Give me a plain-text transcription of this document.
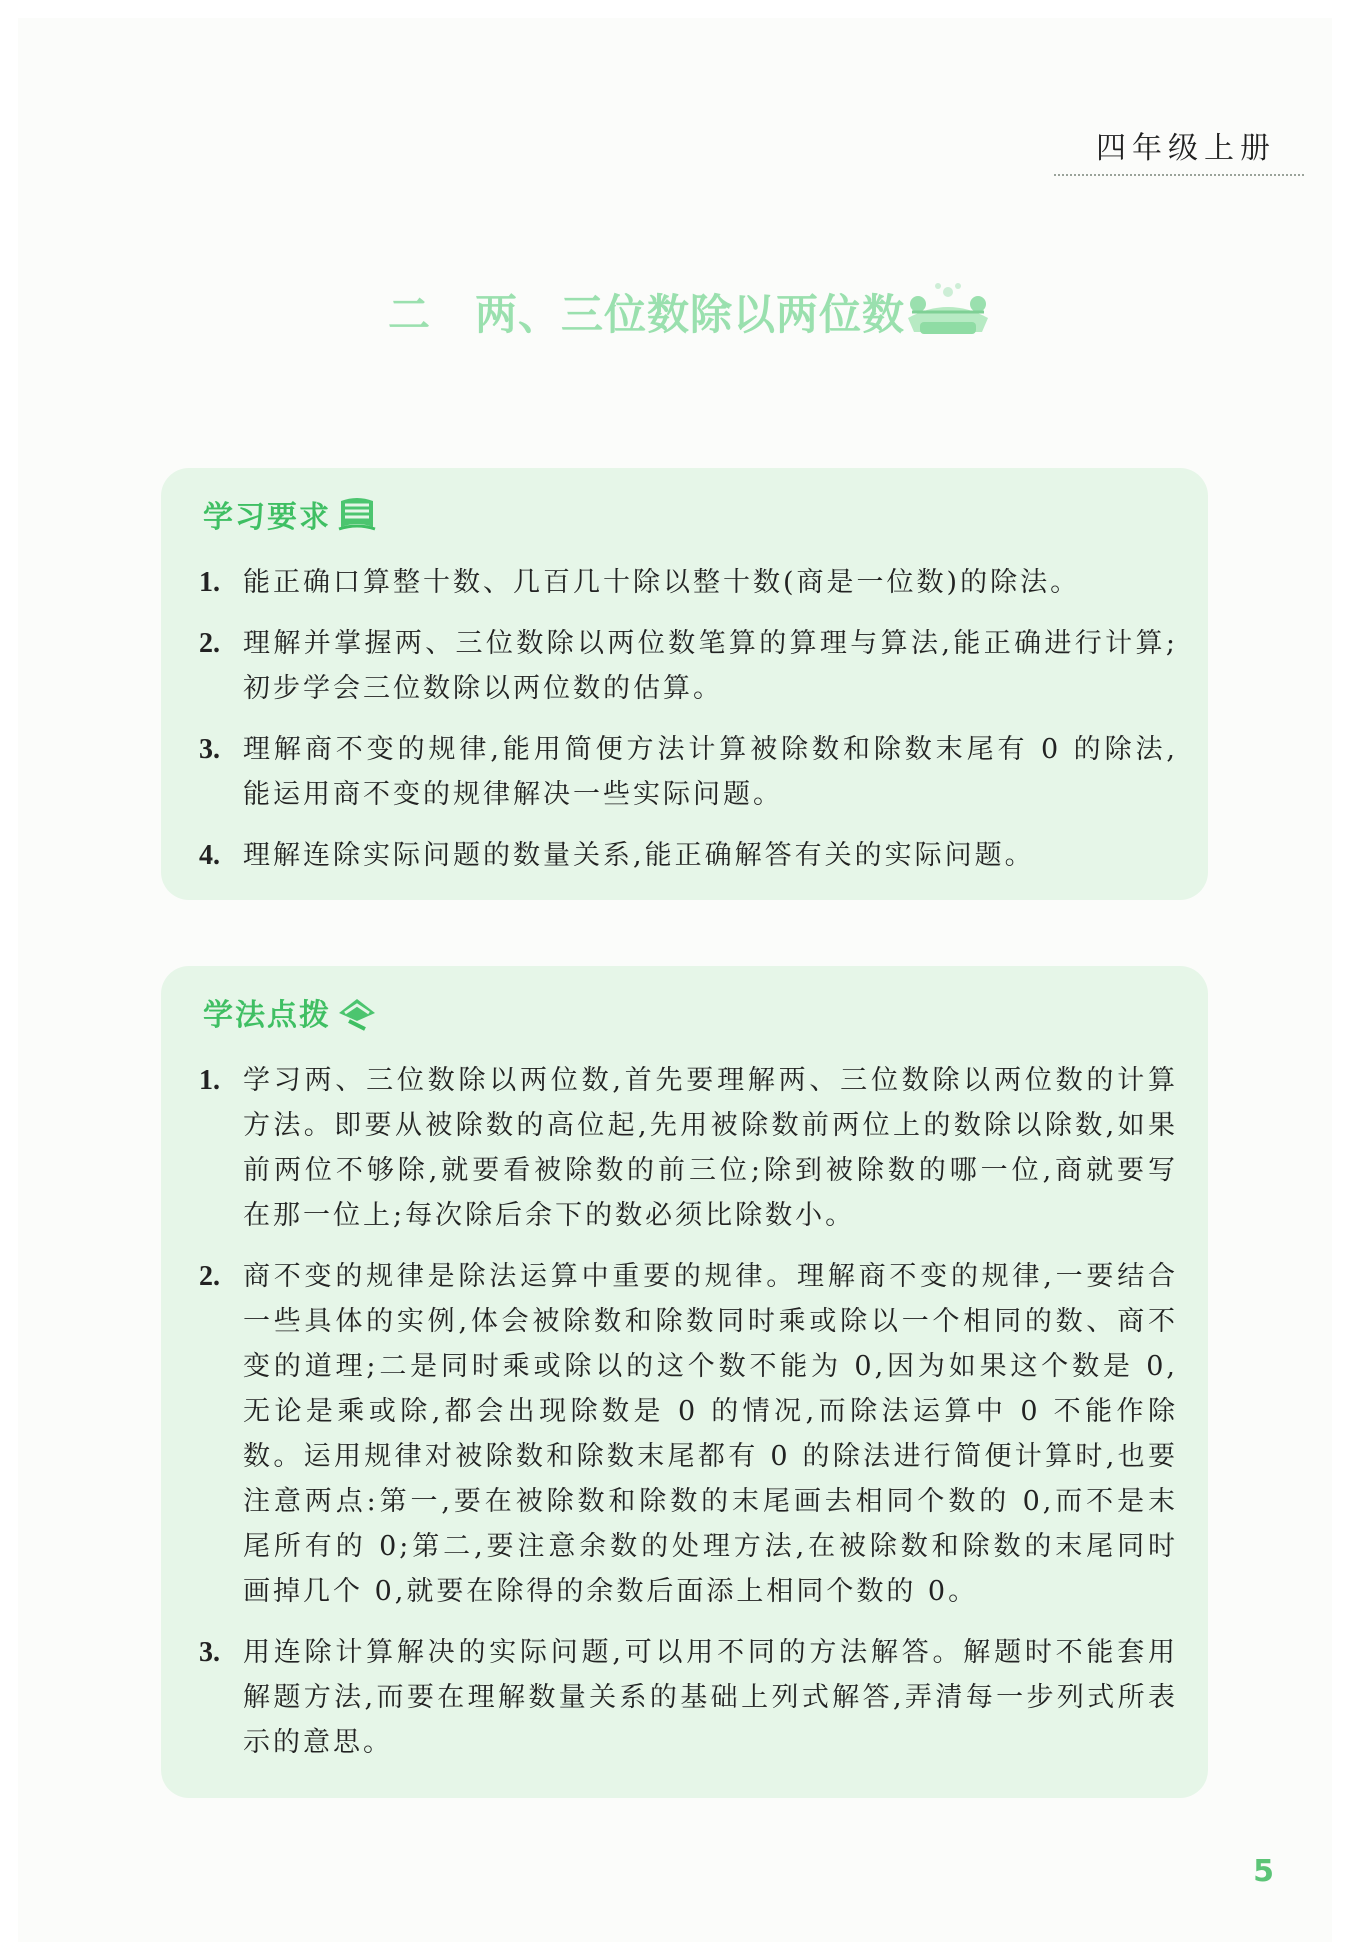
四年级上册
二 两、三位数除以两位数
学习要求
1. 能正确口算整十数、几百几十除以整十数(商是一位数)的除法。
2. 理解并掌握两、三位数除以两位数笔算的算理与算法,能正确进行计算;初步学会三位数除以两位数的估算。
3. 理解商不变的规律,能用简便方法计算被除数和除数末尾有 0 的除法,能运用商不变的规律解决一些实际问题。
4. 理解连除实际问题的数量关系,能正确解答有关的实际问题。
学法点拨
1. 学习两、三位数除以两位数,首先要理解两、三位数除以两位数的计算方法。即要从被除数的高位起,先用被除数前两位上的数除以除数,如果前两位不够除,就要看被除数的前三位;除到被除数的哪一位,商就要写在那一位上;每次除后余下的数必须比除数小。
2. 商不变的规律是除法运算中重要的规律。理解商不变的规律,一要结合一些具体的实例,体会被除数和除数同时乘或除以一个相同的数、商不变的道理;二是同时乘或除以的这个数不能为 0,因为如果这个数是 0,无论是乘或除,都会出现除数是 0 的情况,而除法运算中 0 不能作除数。运用规律对被除数和除数末尾都有 0 的除法进行简便计算时,也要注意两点:第一,要在被除数和除数的末尾画去相同个数的 0,而不是末尾所有的 0;第二,要注意余数的处理方法,在被除数和除数的末尾同时画掉几个 0,就要在除得的余数后面添上相同个数的 0。
3. 用连除计算解决的实际问题,可以用不同的方法解答。解题时不能套用解题方法,而要在理解数量关系的基础上列式解答,弄清每一步列式所表示的意思。
5
